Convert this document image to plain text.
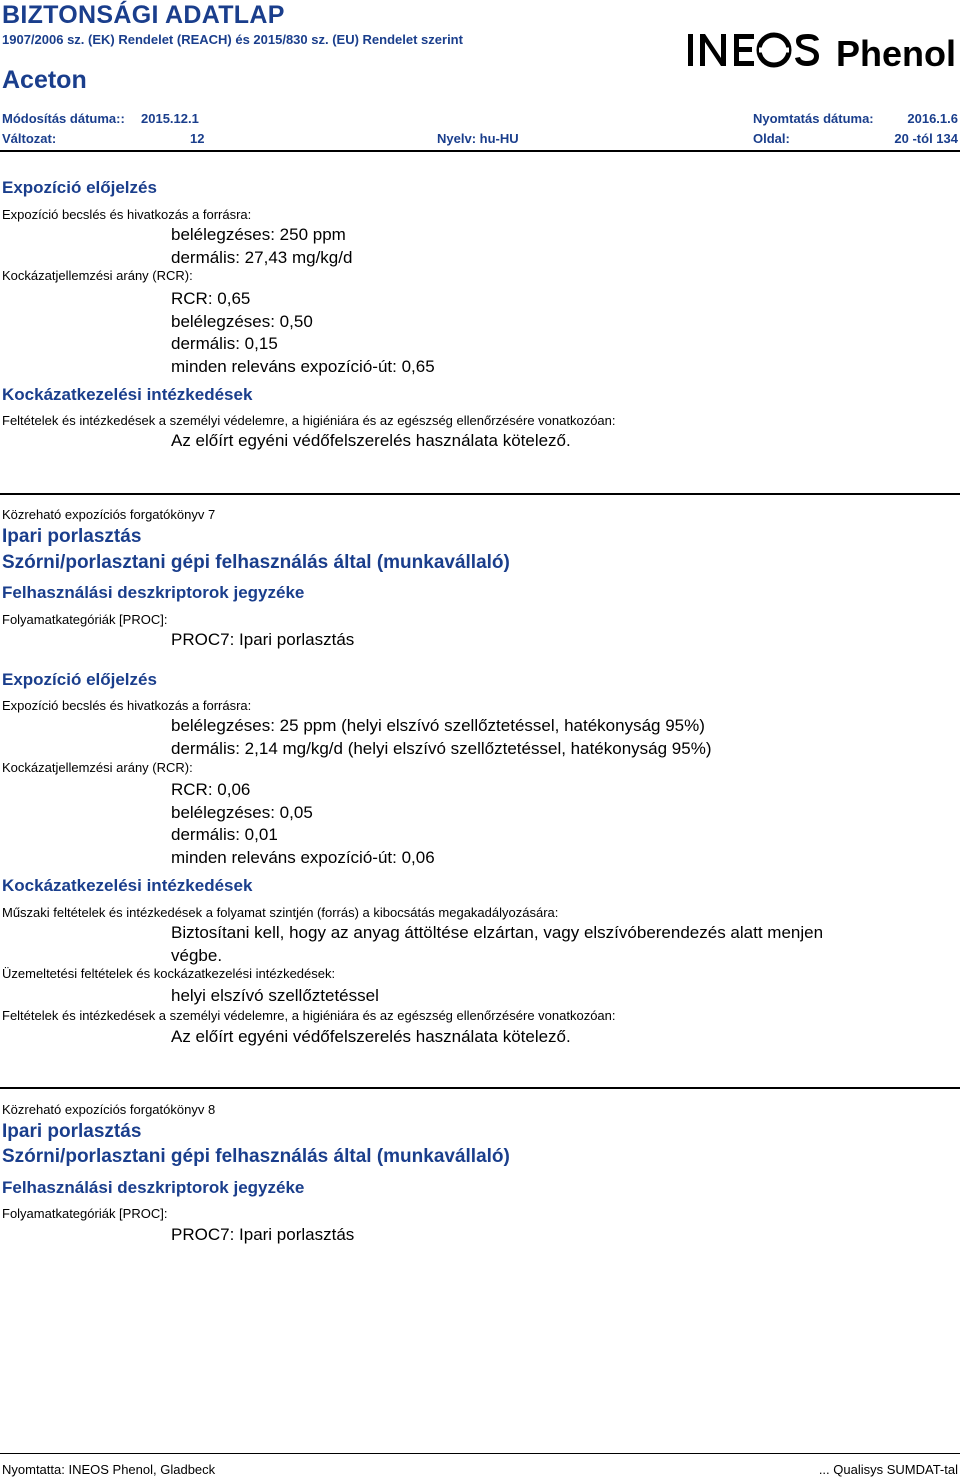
BIZTONSÁGI ADATLAP
1907/2006 sz. (EK) Rendelet (REACH) és 2015/830 sz. (EU) Rendelet szerint
Aceton
Phenol
Módosítás dátuma:: 2015.12.1
Változat:	12	Nyelv: hu-HU
Nyomtatás dátuma:	2016.1.6
Oldal:	20 -tól 134
Expozíció előjelzés
Expozíció becslés és hivatkozás a forrásra:
belélegzéses: 250 ppm
dermális: 27,43 mg/kg/d
Kockázatjellemzési arány (RCR):
RCR: 0,65
belélegzéses: 0,50
dermális: 0,15
minden releváns expozíció-út: 0,65
Kockázatkezelési intézkedések
Feltételek és intézkedések a személyi védelemre, a higiéniára és az egészség ellenőrzésére vonatkozóan:
Az előírt egyéni védőfelszerelés használata kötelező.
Közreható expozíciós forgatókönyv 7
Ipari porlasztás
Szórni/porlasztani gépi felhasználás által (munkavállaló)
Felhasználási deszkriptorok jegyzéke
Folyamatkategóriák [PROC]:
PROC7: Ipari porlasztás
Expozíció előjelzés
Expozíció becslés és hivatkozás a forrásra:
belélegzéses: 25 ppm (helyi elszívó szellőztetéssel, hatékonyság 95%)
dermális: 2,14 mg/kg/d (helyi elszívó szellőztetéssel, hatékonyság 95%)
Kockázatjellemzési arány (RCR):
RCR: 0,06
belélegzéses: 0,05
dermális: 0,01
minden releváns expozíció-út: 0,06
Kockázatkezelési intézkedések
Műszaki feltételek és intézkedések a folyamat szintjén (forrás) a kibocsátás megakadályozására:
Biztosítani kell, hogy az anyag áttöltése elzártan, vagy elszívóberendezés alatt menjen
végbe.
Üzemeltetési feltételek és kockázatkezelési intézkedések:
helyi elszívó szellőztetéssel
Feltételek és intézkedések a személyi védelemre, a higiéniára és az egészség ellenőrzésére vonatkozóan:
Az előírt egyéni védőfelszerelés használata kötelező.
Közreható expozíciós forgatókönyv 8
Ipari porlasztás
Szórni/porlasztani gépi felhasználás által (munkavállaló)
Felhasználási deszkriptorok jegyzéke
Folyamatkategóriák [PROC]:
PROC7: Ipari porlasztás
Nyomtatta: INEOS Phenol, Gladbeck	... Qualisys SUMDAT-tal
